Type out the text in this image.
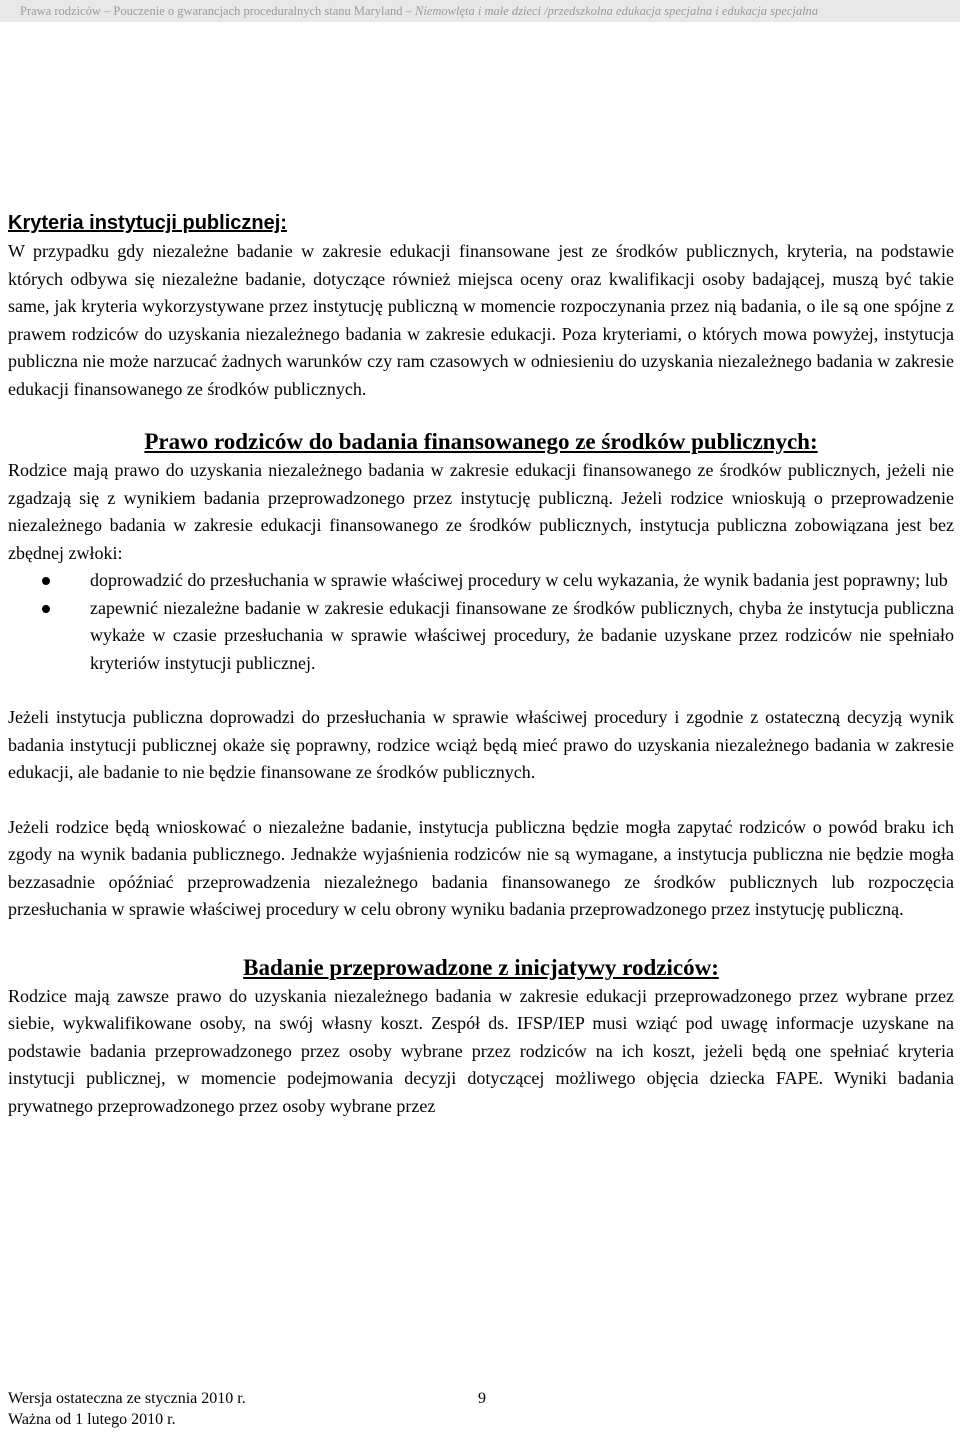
Prawa rodziców – Pouczenie o gwarancjach proceduralnych stanu Maryland – Niemowlęta i małe dzieci /przedszkolna edukacja specjalna i edukacja specjalna
Kryteria instytucji publicznej:

W przypadku gdy niezależne badanie w zakresie edukacji finansowane jest ze środków publicznych, kryteria, na podstawie których odbywa się niezależne badanie, dotyczące również miejsca oceny oraz kwalifikacji osoby badającej, muszą być takie same, jak kryteria wykorzystywane przez instytucję publiczną w momencie rozpoczynania przez nią badania, o ile są one spójne z prawem rodziców do uzyskania niezależnego badania w zakresie edukacji. Poza kryteriami, o których mowa powyżej, instytucja publiczna nie może narzucać żadnych warunków czy ram czasowych w odniesieniu do uzyskania niezależnego badania w zakresie edukacji finansowanego ze środków publicznych.

Prawo rodziców do badania finansowanego ze środków publicznych:

Rodzice mają prawo do uzyskania niezależnego badania w zakresie edukacji finansowanego ze środków publicznych, jeżeli nie zgadzają się z wynikiem badania przeprowadzonego przez instytucję publiczną. Jeżeli rodzice wnioskują o przeprowadzenie niezależnego badania w zakresie edukacji finansowanego ze środków publicznych, instytucja publiczna zobowiązana jest bez zbędnej zwłoki:

doprowadzić do przesłuchania w sprawie właściwej procedury w celu wykazania, że wynik badania jest poprawny; lub
zapewnić niezależne badanie w zakresie edukacji finansowane ze środków publicznych, chyba że instytucja publiczna wykaże w czasie przesłuchania w sprawie właściwej procedury, że badanie uzyskane przez rodziców nie spełniało kryteriów instytucji publicznej.

Jeżeli instytucja publiczna doprowadzi do przesłuchania w sprawie właściwej procedury i zgodnie z ostateczną decyzją wynik badania instytucji publicznej okaże się poprawny, rodzice wciąż będą mieć prawo do uzyskania niezależnego badania w zakresie edukacji, ale badanie to nie będzie finansowane ze środków publicznych.

Jeżeli rodzice będą wnioskować o niezależne badanie, instytucja publiczna będzie mogła zapytać rodziców o powód braku ich zgody na wynik badania publicznego. Jednakże wyjaśnienia rodziców nie są wymagane, a instytucja publiczna nie będzie mogła bezzasadnie opóźniać przeprowadzenia niezależnego badania finansowanego ze środków publicznych lub rozpoczęcia przesłuchania w sprawie właściwej procedury w celu obrony wyniku badania przeprowadzonego przez instytucję publiczną.

Badanie przeprowadzone z inicjatywy rodziców:

Rodzice mają zawsze prawo do uzyskania niezależnego badania w zakresie edukacji przeprowadzonego przez wybrane przez siebie, wykwalifikowane osoby, na swój własny koszt. Zespół ds. IFSP/IEP musi wziąć pod uwagę informacje uzyskane na podstawie badania przeprowadzonego przez osoby wybrane przez rodziców na ich koszt, jeżeli będą one spełniać kryteria instytucji publicznej, w momencie podejmowania decyzji dotyczącej możliwego objęcia dziecka FAPE. Wyniki badania prywatnego przeprowadzonego przez osoby wybrane przez

Wersja ostateczna ze stycznia 2010 r.
Ważna od 1 lutego 2010 r.
9
